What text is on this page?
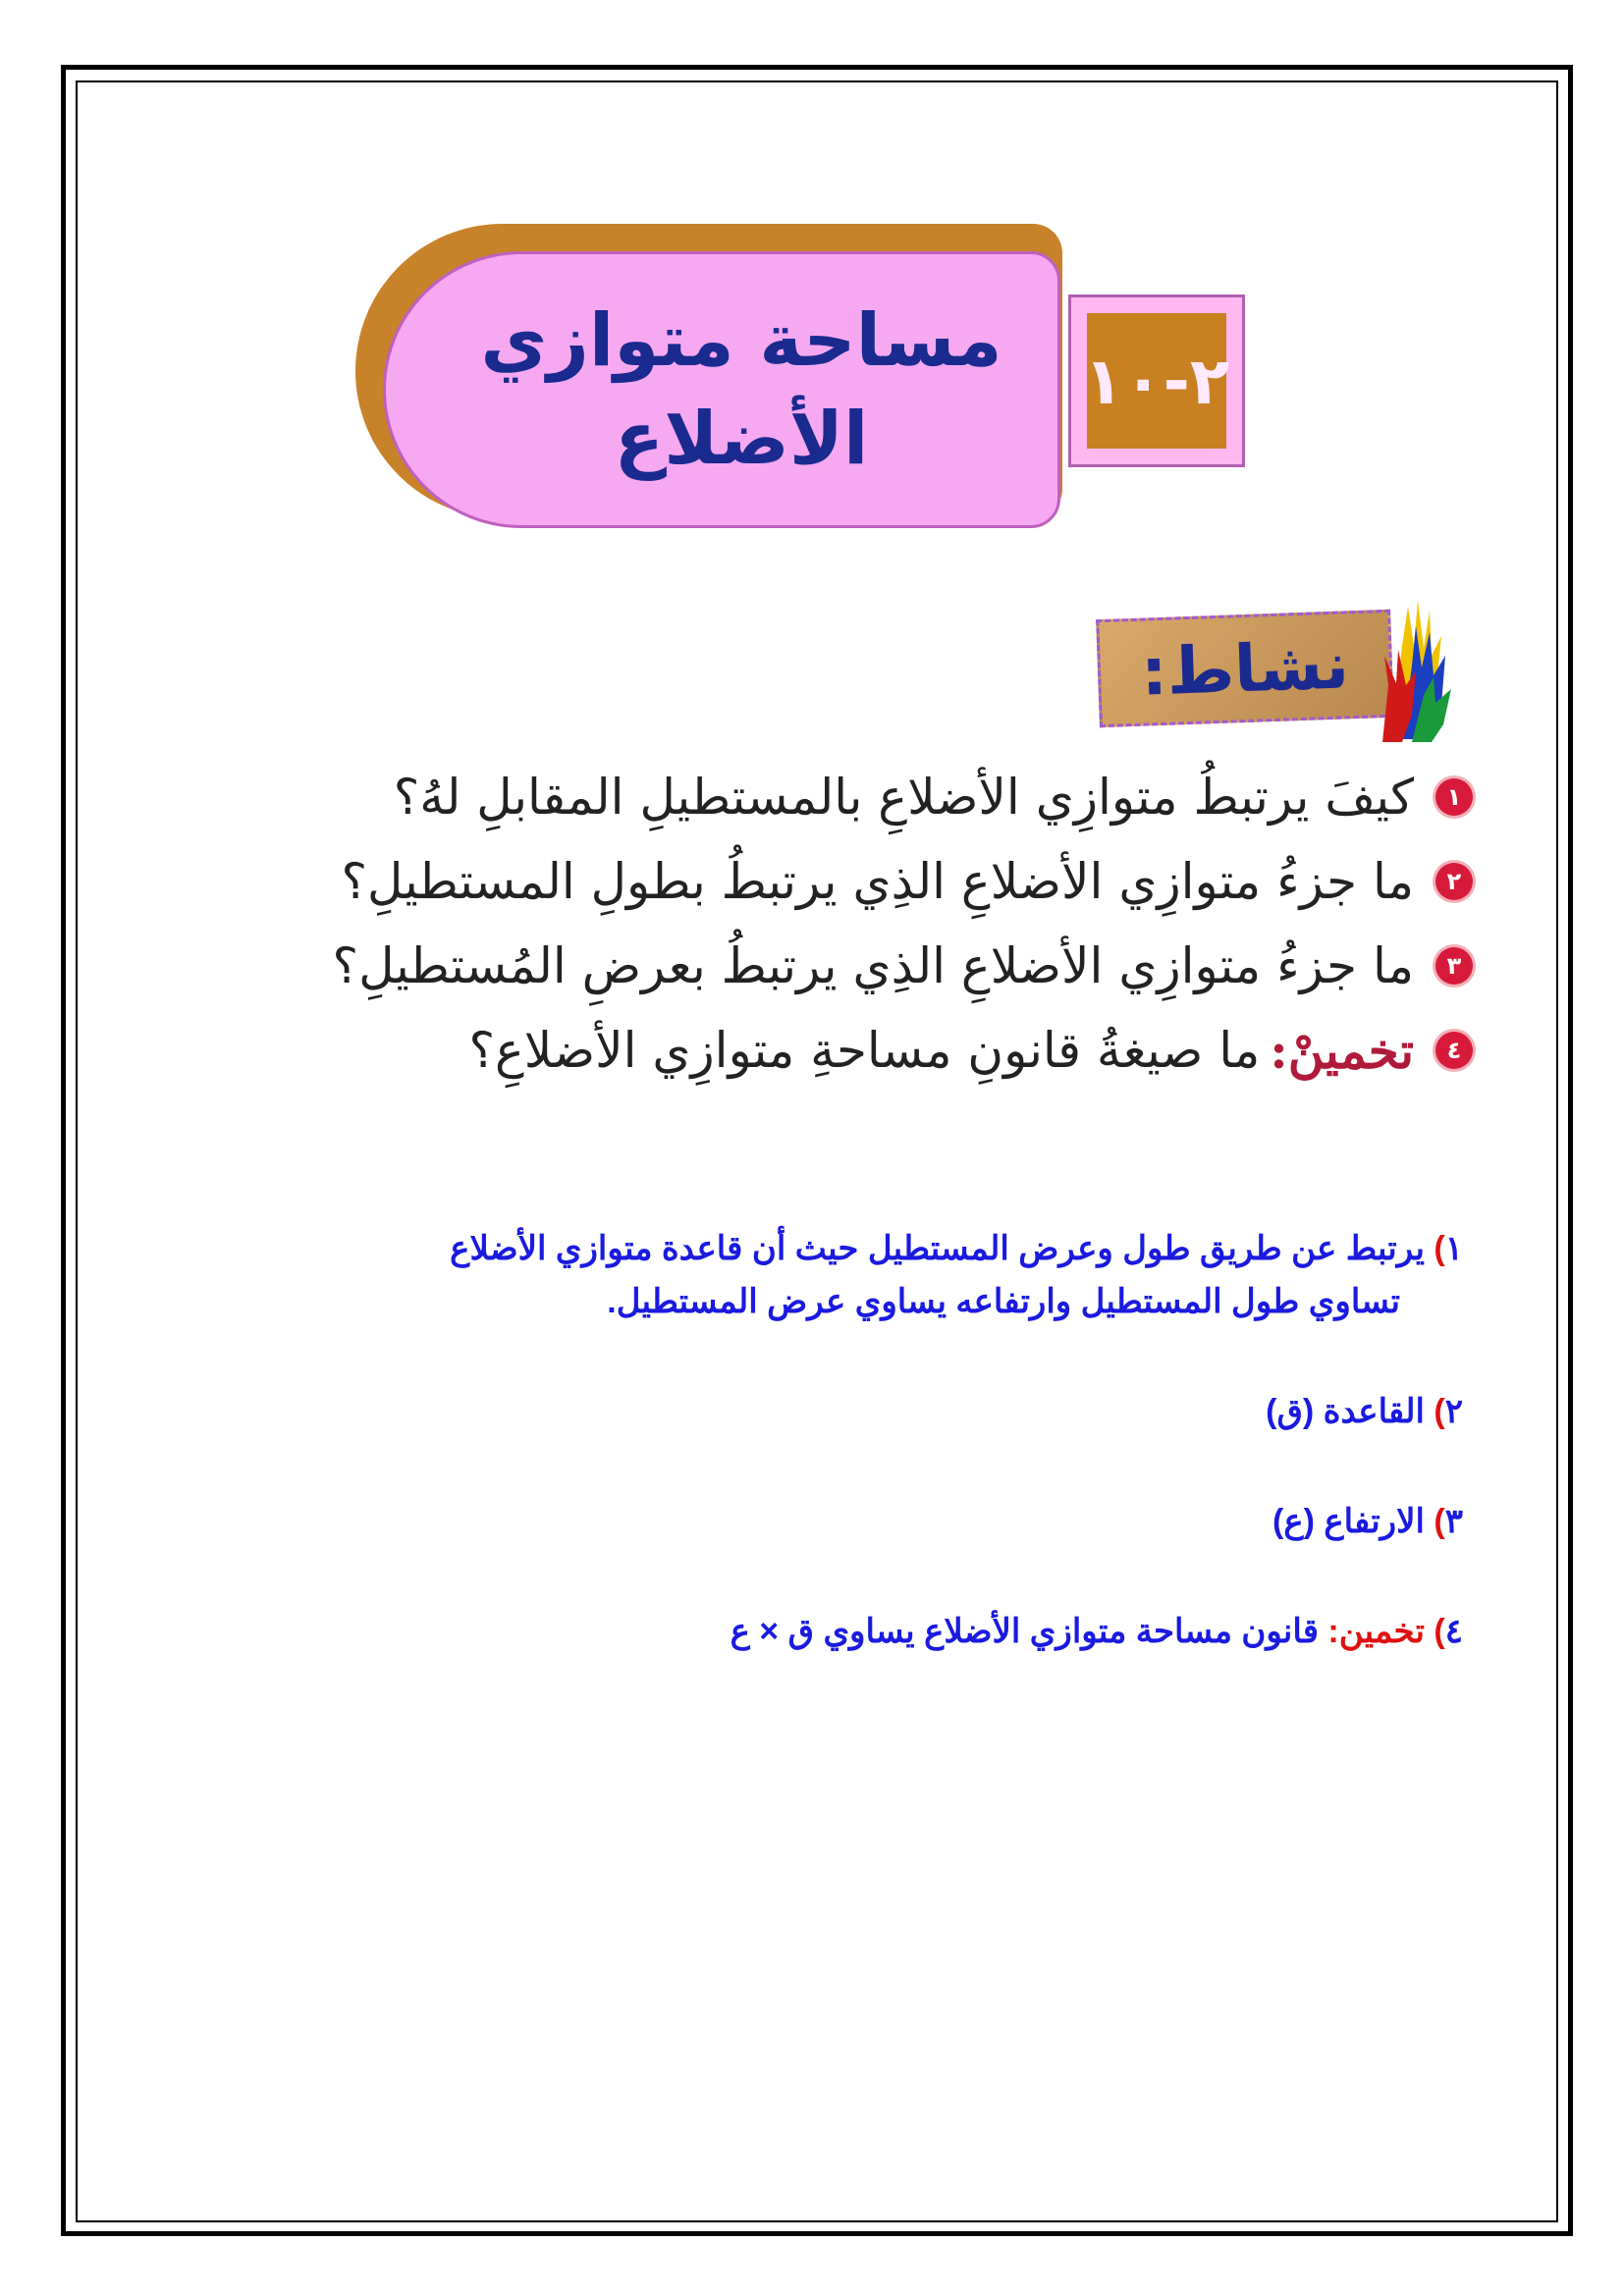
مساحة متوازي
الأضلاع
٢-١٠
نشاط:
١
كيفَ يرتبطُ متوازِي الأضلاعِ بالمستطيلِ المقابلِ لهُ؟
٢
ما جزءُ متوازِي الأضلاعِ الذِي يرتبطُ بطولِ المستطيلِ؟
٣
ما جزءُ متوازِي الأضلاعِ الذِي يرتبطُ بعرضِ المُستطيلِ؟
٤
تخمينْ:
ما صيغةُ قانونِ مساحةِ متوازِي الأضلاعِ؟
١) يرتبط عن طريق طول وعرض المستطيل حيث أن قاعدة متوازي الأضلاع
تساوي طول المستطيل وارتفاعه يساوي عرض المستطيل.
٢) القاعدة (ق)
٣) الارتفاع (ع)
٤) تخمين: قانون مساحة متوازي الأضلاع يساوي ق × ع
